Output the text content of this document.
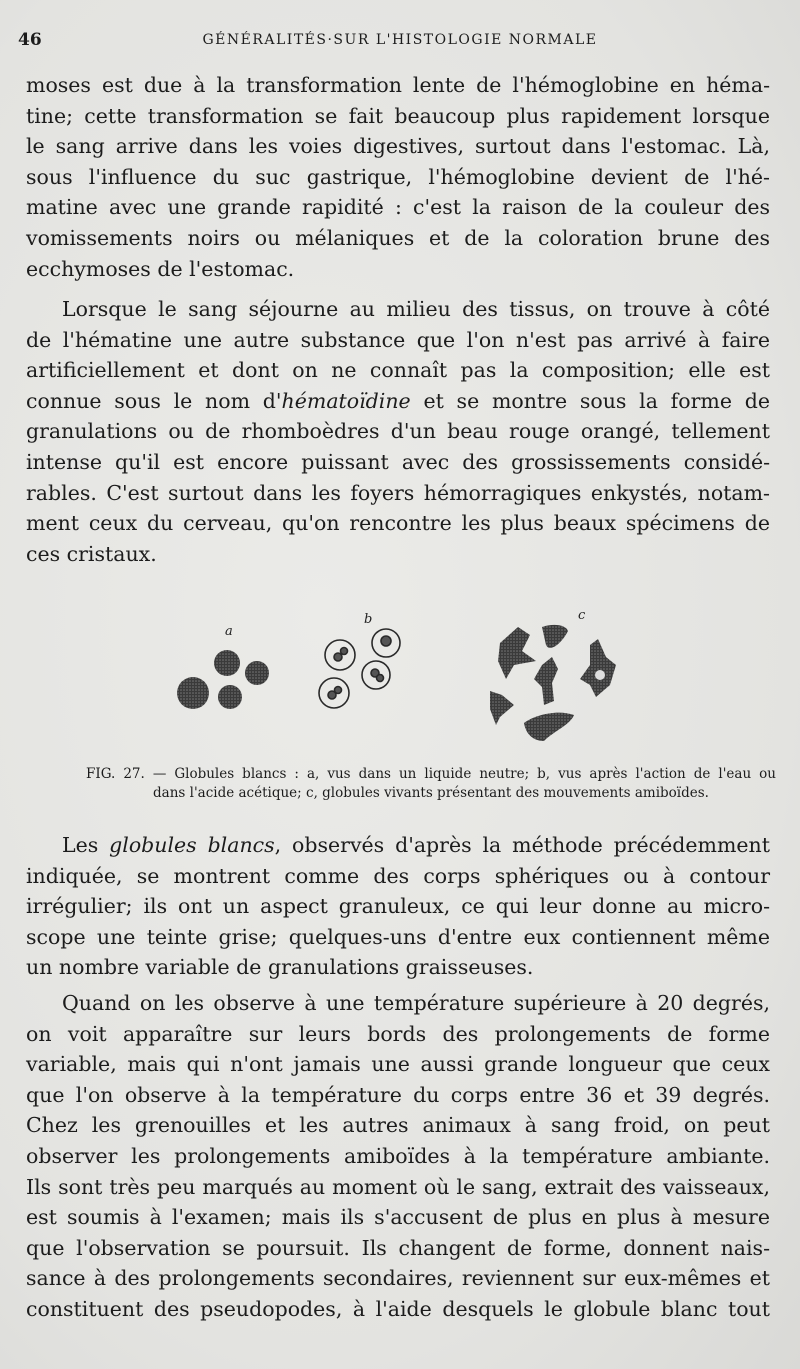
46	GÉNÉRALITÉS·SUR L'HISTOLOGIE NORMALE
moses est due à la transformation lente de l'hémoglobine en héma-
tine; cette transformation se fait beaucoup plus rapidement lorsque
le sang arrive dans les voies digestives, surtout dans l'estomac. Là,
sous l'influence du suc gastrique, l'hémoglobine devient de l'hé-
matine avec une grande rapidité : c'est la raison de la couleur des
vomissements noirs ou mélaniques et de la coloration brune des
ecchymoses de l'estomac.
Lorsque le sang séjourne au milieu des tissus, on trouve à côté
de l'hématine une autre substance que l'on n'est pas arrivé à faire
artificiellement et dont on ne connaît pas la composition; elle est
connue sous le nom d'hématoïdine et se montre sous la forme de
granulations ou de rhomboèdres d'un beau rouge orangé, tellement
intense qu'il est encore puissant avec des grossissements considé-
rables. C'est surtout dans les foyers hémorragiques enkystés, notam-
ment ceux du cerveau, qu'on rencontre les plus beaux spécimens de
ces cristaux.
a
b	c
FIG. 27. — Globules blancs : a, vus dans un liquide neutre; b, vus après l'action de l'eau ou
dans l'acide acétique; c, globules vivants présentant des mouvements amiboïdes.
Les globules blancs, observés d'après la méthode précédemment
indiquée, se montrent comme des corps sphériques ou à contour
irrégulier; ils ont un aspect granuleux, ce qui leur donne au micro-
scope une teinte grise; quelques-uns d'entre eux contiennent même
un nombre variable de granulations graisseuses.
Quand on les observe à une température supérieure à 20 degrés,
on voit apparaître sur leurs bords des prolongements de forme
variable, mais qui n'ont jamais une aussi grande longueur que ceux
que l'on observe à la température du corps entre 36 et 39 degrés.
Chez les grenouilles et les autres animaux à sang froid, on peut
observer les prolongements amiboïdes à la température ambiante.
Ils sont très peu marqués au moment où le sang, extrait des vaisseaux,
est soumis à l'examen; mais ils s'accusent de plus en plus à mesure
que l'observation se poursuit. Ils changent de forme, donnent nais-
sance à des prolongements secondaires, reviennent sur eux-mêmes et
constituent des pseudopodes, à l'aide desquels le globule blanc tout
